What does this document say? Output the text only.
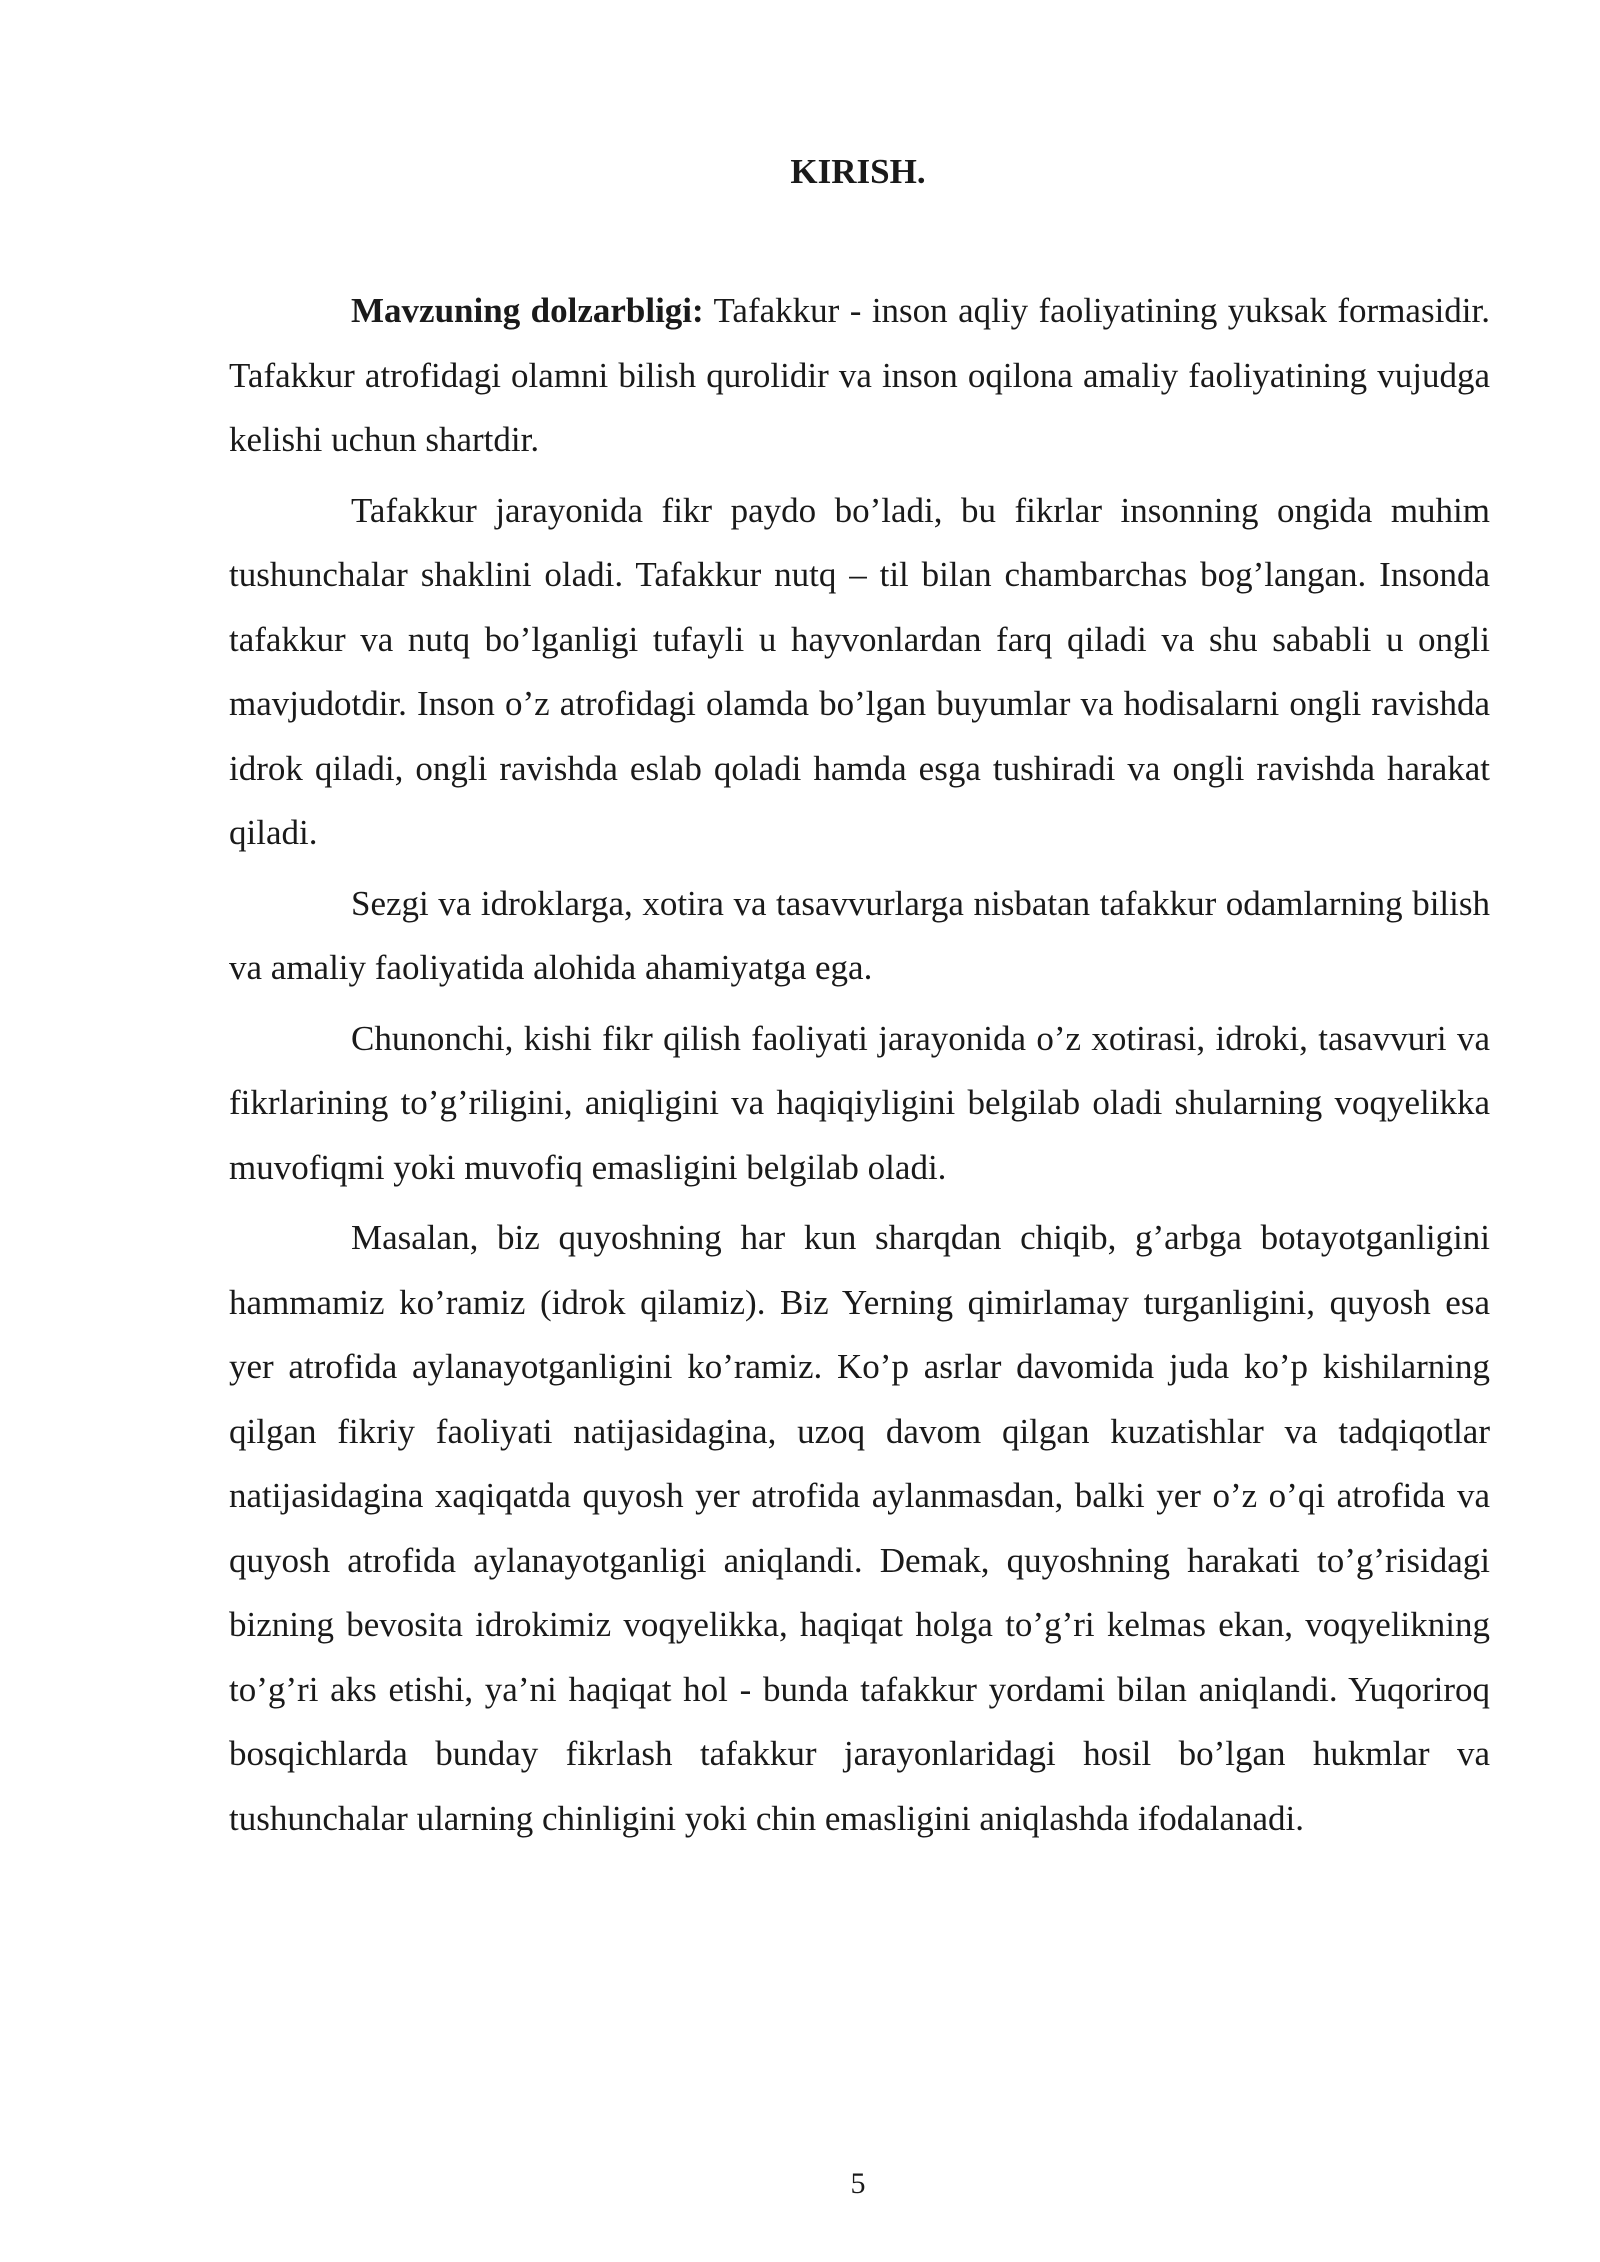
KIRISH.

Mavzuning dolzarbligi: Tafakkur - inson aqliy faoliyatining yuksak formasidir. Tafakkur atrofidagi olamni bilish qurolidir va inson oqilona amaliy faoliyatining vujudga kelishi uchun shartdir.

Tafakkur jarayonida fikr paydo bo’ladi, bu fikrlar insonning ongida muhim tushunchalar shaklini oladi. Tafakkur nutq – til bilan chambarchas bog’langan. Insonda tafakkur va nutq bo’lganligi tufayli u hayvonlardan farq qiladi va shu sababli u ongli mavjudotdir. Inson o’z atrofidagi olamda bo’lgan buyumlar va hodisalarni ongli ravishda idrok qiladi, ongli ravishda eslab qoladi hamda esga tushiradi va ongli ravishda harakat qiladi.

Sezgi va idroklarga, xotira va tasavvurlarga nisbatan tafakkur odamlarning bilish va amaliy faoliyatida alohida ahamiyatga ega.

Chunonchi, kishi fikr qilish faoliyati jarayonida o’z xotirasi, idroki, tasavvuri va fikrlarining to’g’riligini, aniqligini va haqiqiyligini belgilab oladi shularning voqyelikka muvofiqmi yoki muvofiq emasligini belgilab oladi.

Masalan, biz quyoshning har kun sharqdan chiqib, g’arbga botayotganligini hammamiz ko’ramiz (idrok qilamiz). Biz Yerning qimirlamay turganligini, quyosh esa yer atrofida aylanayotganligini ko’ramiz. Ko’p asrlar davomida juda ko’p kishilarning qilgan fikriy faoliyati natijasidagina, uzoq davom qilgan kuzatishlar va tadqiqotlar natijasidagina xaqiqatda quyosh yer atrofida aylanmasdan, balki yer o’z o’qi atrofida va quyosh atrofida aylanayotganligi aniqlandi. Demak, quyoshning harakati to’g’risidagi bizning bevosita idrokimiz voqyelikka, haqiqat holga to’g’ri kelmas ekan, voqyelikning to’g’ri aks etishi, ya’ni haqiqat hol - bunda tafakkur yordami bilan aniqlandi. Yuqoriroq bosqichlarda bunday fikrlash tafakkur jarayonlaridagi hosil bo’lgan hukmlar va tushunchalar ularning chinligini yoki chin emasligini aniqlashda ifodalanadi.

5
